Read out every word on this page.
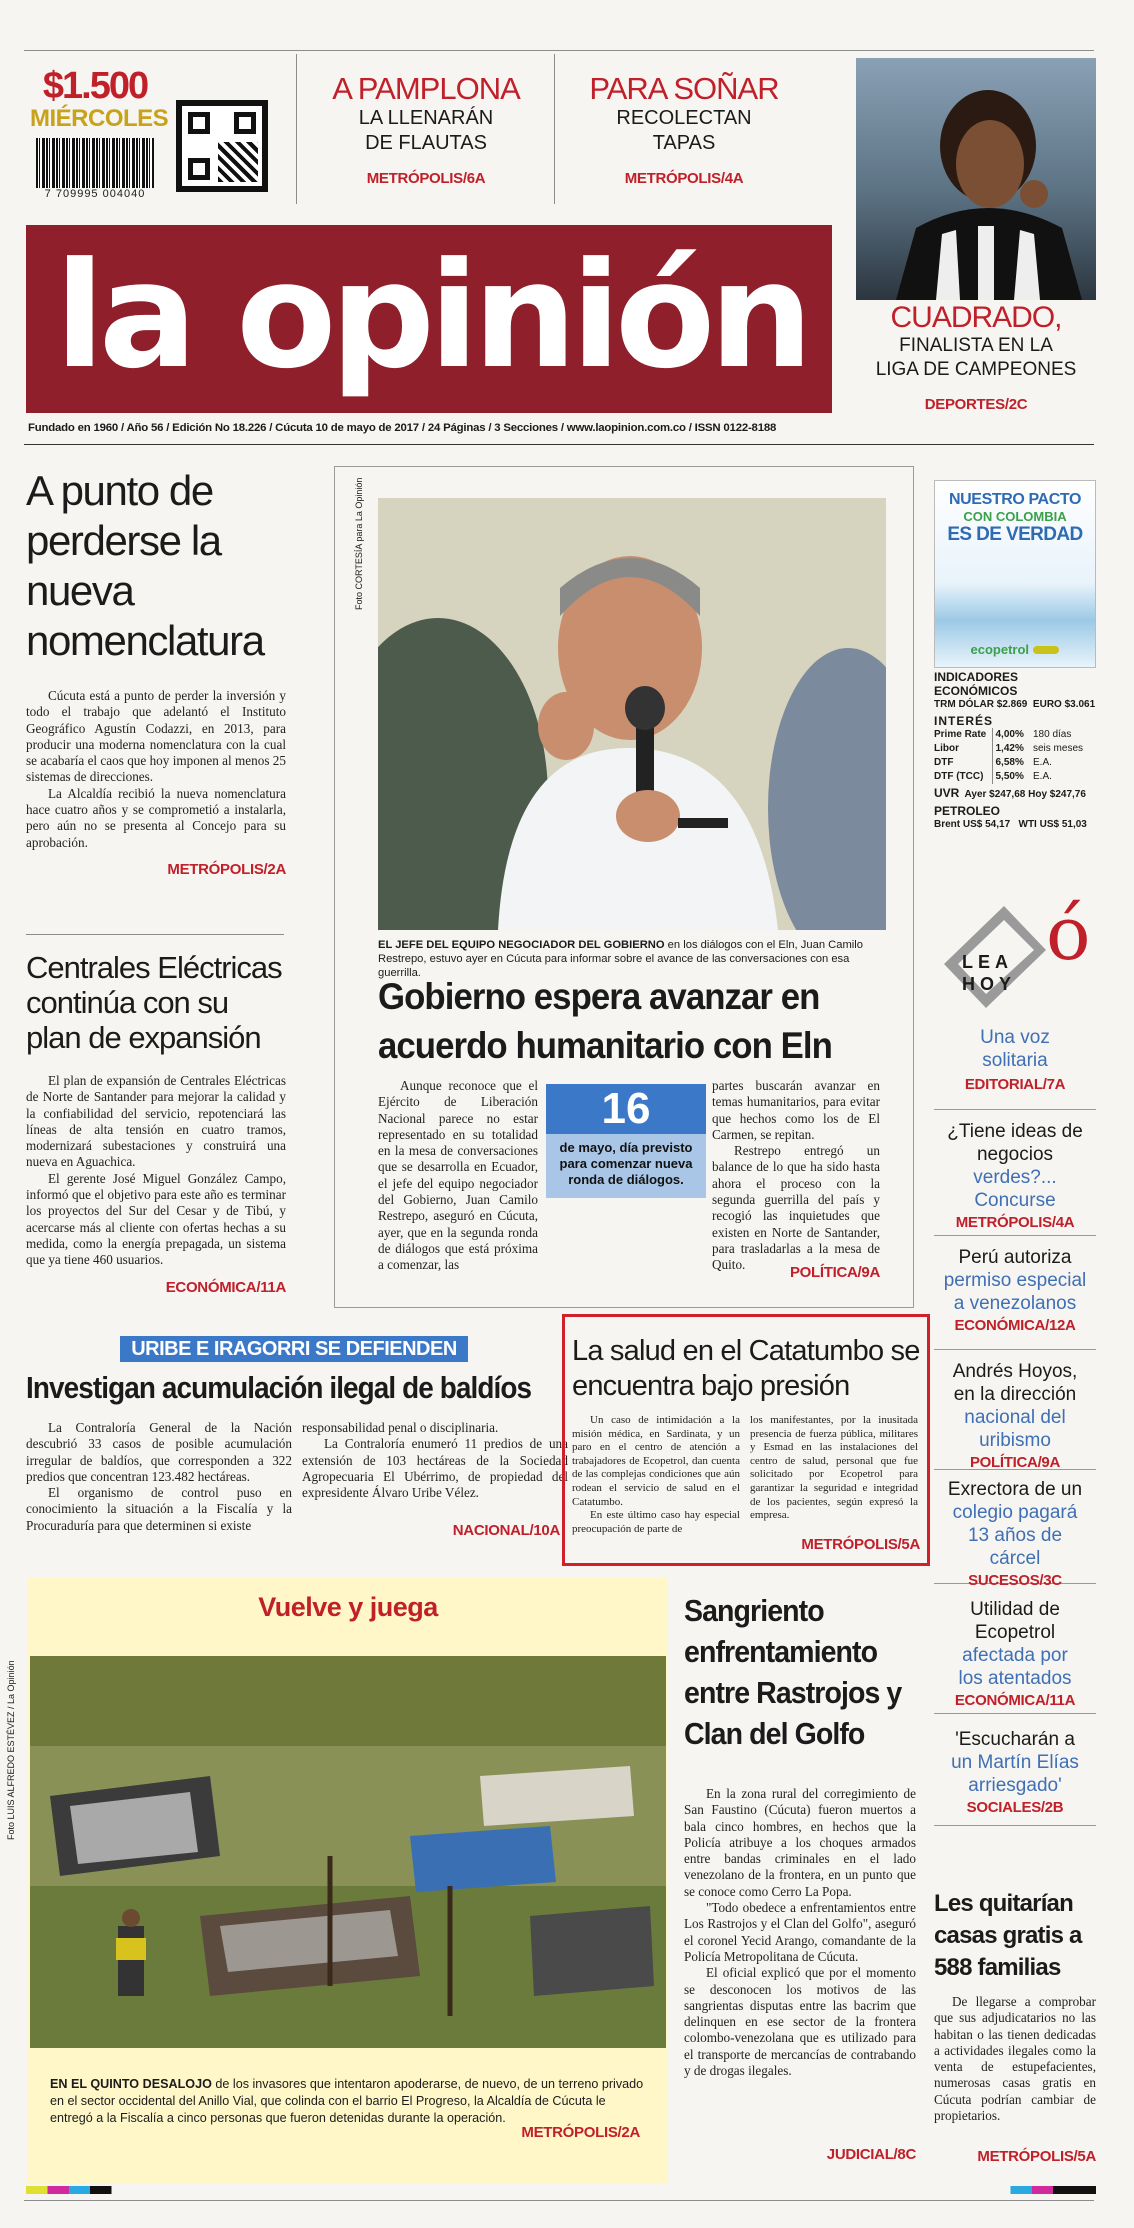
$1.500
MIÉRCOLES
7 709995 004040
A PAMPLONA
LA LLENARÁN
DE FLAUTAS
METRÓPOLIS/6A
PARA SOÑAR
RECOLECTAN
TAPAS
METRÓPOLIS/4A
la opinión	CUADRADO,
FINALISTA EN LA
LIGA DE CAMPEONES
DEPORTES/2C
Fundado en 1960 / Año 56 / Edición No 18.226 / Cúcuta 10 de mayo de 2017 / 24 Páginas / 3 Secciones / www.laopinion.com.co / ISSN 0122-8188
A punto de perderse la nueva nomenclatura

Cúcuta está a punto de perder la inversión y todo el trabajo que adelantó el Instituto Geográfico Agustín Codazzi, en 2013, para producir una moderna nomenclatura con la cual se acabaría el caos que hoy imponen al menos 25 sistemas de direcciones.

La Alcaldía recibió la nueva nomenclatura hace cuatro años y se comprometió a instalarla, pero aún no se presenta al Concejo para su aprobación.

METRÓPOLIS/2A
Centrales Eléctricas continúa con su plan de expansión

El plan de expansión de Centrales Eléctricas de Norte de Santander para mejorar la calidad y la confiabilidad del servicio, repotenciará las líneas de alta tensión en cuatro tramos, modernizará subestaciones y construirá una nueva en Aguachica.

El gerente José Miguel González Campo, informó que el objetivo para este año es terminar los proyectos del Sur del Cesar y de Tibú, y acercarse más al cliente con ofertas hechas a su medida, como la energía prepagada, un sistema que ya tiene 460 usuarios.

ECONÓMICA/11A
Foto CORTESÍA para La Opinión

EL JEFE DEL EQUIPO NEGOCIADOR DEL GOBIERNO en los diálogos con el Eln, Juan Camilo Restrepo, estuvo ayer en Cúcuta para informar sobre el avance de las conversaciones con esa guerrilla.

Gobierno espera avanzar en acuerdo humanitario con Eln

Aunque reconoce que el Ejército de Liberación Nacional parece no estar representado en su totalidad en la mesa de conversaciones que se desarrolla en Ecuador, el jefe del equipo negociador del Gobierno, Juan Camilo Restrepo, aseguró en Cúcuta, ayer, que en la segunda ronda de diálogos que está próxima a comenzar, las

16
de mayo, día previsto para comenzar nueva ronda de diálogos.

partes buscarán avanzar en temas humanitarios, para evitar que hechos como los de El Carmen, se repitan.

Restrepo entregó un balance de lo que ha sido hasta ahora el proceso con la segunda guerrilla del país y recogió las inquietudes que existen en Norte de Santander, para trasladarlas a la mesa de Quito.	POLÍTICA/9A
NUESTRO PACTO
CON COLOMBIA
ES DE VERDAD
ecopetrol
INDICADORES ECONÓMICOS
TRM DÓLAR $2.869 EURO $3.061
INTERÉS
Prime Rate	4,00%	180 días
Libor	1,42%	seis meses
DTF	6,58%	E.A.
DTF (TCC)	5,50%	E.A.
UVR Ayer $247,68 Hoy $247,76
PETROLEO
Brent US$ 54,17 WTI US$ 51,03
LEA
HOY
ó
Una voz solitaria
EDITORIAL/7A
¿Tiene ideas de negocios
verdes?... Concurse
METRÓPOLIS/4A
Perú autoriza
permiso especial a venezolanos
ECONÓMICA/12A
Andrés Hoyos, en la dirección
nacional del uribismo
POLÍTICA/9A
Exrectora de un
colegio pagará 13 años de cárcel
SUCESOS/3C
Utilidad de Ecopetrol
afectada por los atentados
ECONÓMICA/11A
'Escucharán a
un Martín Elías arriesgado'
SOCIALES/2B
URIBE E IRAGORRI SE DEFIENDEN
Investigan acumulación ilegal de baldíos

La Contraloría General de la Nación descubrió 33 casos de posible acumulación irregular de baldíos, que corresponden a 322 predios que concentran 123.482 hectáreas.

El organismo de control puso en conocimiento la situación a la Fiscalía y la Procuraduría para que determinen si existe

responsabilidad penal o disciplinaria.

La Contraloría enumeró 11 predios de una extensión de 103 hectáreas de la Sociedad Agropecuaria El Ubérrimo, de propiedad del expresidente Álvaro Uribe Vélez.

NACIONAL/10A
La salud en el Catatumbo se encuentra bajo presión

Un caso de intimidación a la misión médica, en Sardinata, y un paro en el centro de atención a trabajadores de Ecopetrol, dan cuenta de las complejas condiciones que aún rodean el servicio de salud en el Catatumbo.

En este último caso hay especial preocupación de parte de

los manifestantes, por la inusitada presencia de fuerza pública, militares y Esmad en las instalaciones del centro de salud, personal que fue solicitado por Ecopetrol para garantizar la seguridad e integridad de los pacientes, según expresó la empresa.

METRÓPOLIS/5A
Vuelve y juega
Foto LUIS ALFREDO ESTÉVEZ / La Opinión

EN EL QUINTO DESALOJO de los invasores que intentaron apoderarse, de nuevo, de un terreno privado en el sector occidental del Anillo Vial, que colinda con el barrio El Progreso, la Alcaldía de Cúcuta le entregó a la Fiscalía a cinco personas que fueron detenidas durante la operación.

METRÓPOLIS/2A
Sangriento enfrentamiento entre Rastrojos y Clan del Golfo

En la zona rural del corregimiento de San Faustino (Cúcuta) fueron muertos a bala cinco hombres, en hechos que la Policía atribuye a los choques armados entre bandas criminales en el lado venezolano de la frontera, en un punto que se conoce como Cerro La Popa.

"Todo obedece a enfrentamientos entre Los Rastrojos y el Clan del Golfo", aseguró el coronel Yecid Arango, comandante de la Policía Metropolitana de Cúcuta.

El oficial explicó que por el momento se desconocen los motivos de las sangrientas disputas entre las bacrim que delinquen en ese sector de la frontera colombo-venezolana que es utilizado para el transporte de mercancías de contrabando y de drogas ilegales.

JUDICIAL/8C
Les quitarían casas gratis a 588 familias

De llegarse a comprobar que sus adjudicatarios no las habitan o las tienen dedicadas a actividades ilegales como la venta de estupefacientes, numerosas casas gratis en Cúcuta podrían cambiar de propietarios.

METRÓPOLIS/5A
